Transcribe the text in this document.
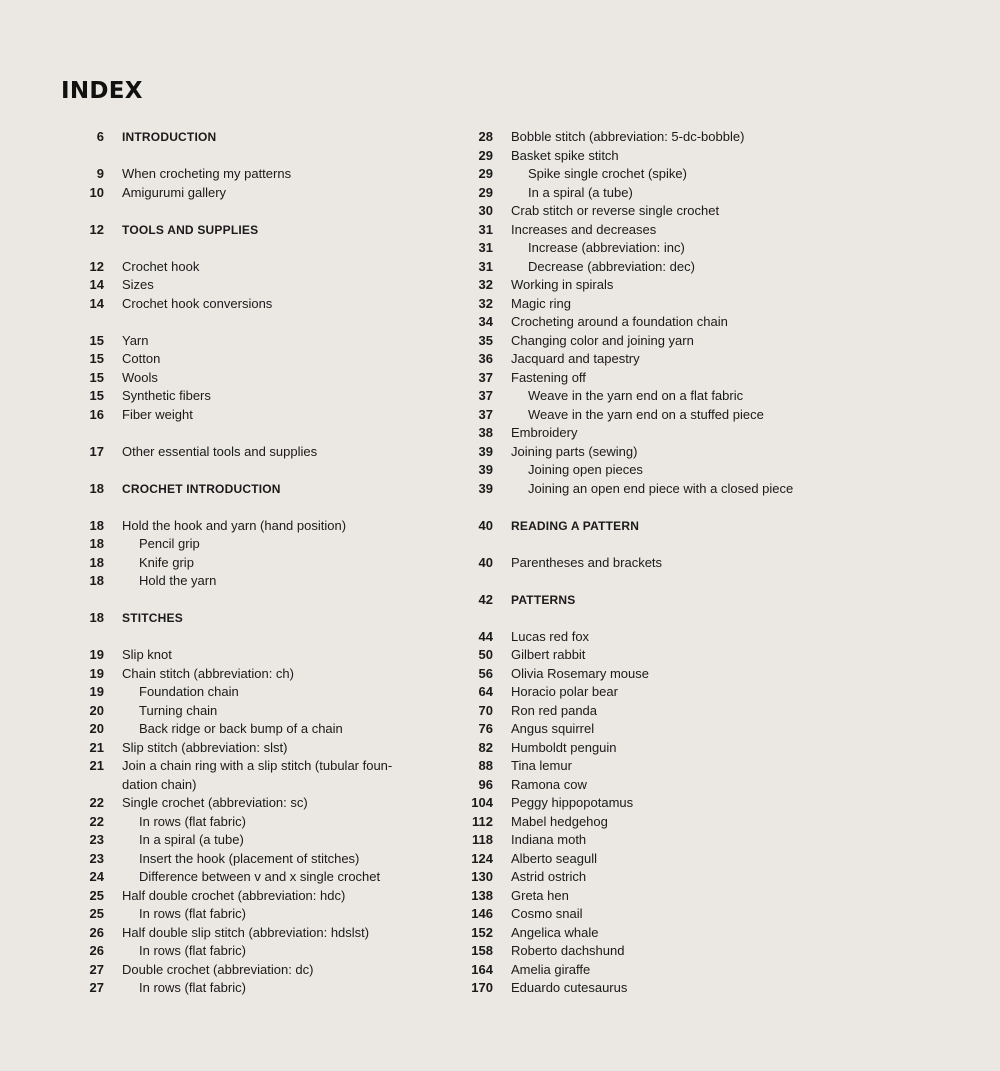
INDEX
6	INTRODUCTION
9	When crocheting my patterns
10	Amigurumi gallery
12	TOOLS AND SUPPLIES
12	Crochet hook
14	Sizes
14	Crochet hook conversions
15	Yarn
15	Cotton
15	Wools
15	Synthetic fibers
16	Fiber weight
17	Other essential tools and supplies
18	CROCHET INTRODUCTION
18	Hold the hook and yarn (hand position)
18	Pencil grip
18	Knife grip
18	Hold the yarn
18	STITCHES
19	Slip knot
19	Chain stitch (abbreviation: ch)
19	Foundation chain
20	Turning chain
20	Back ridge or back bump of a chain
21	Slip stitch (abbreviation: slst)
21	Join a chain ring with a slip stitch (tubular foun-dation chain)
22	Single crochet (abbreviation: sc)
22	In rows (flat fabric)
23	In a spiral (a tube)
23	Insert the hook (placement of stitches)
24	Difference between v and x single crochet
25	Half double crochet (abbreviation: hdc)
25	In rows (flat fabric)
26	Half double slip stitch (abbreviation: hdslst)
26	In rows (flat fabric)
27	Double crochet (abbreviation: dc)
27	In rows (flat fabric)
28	Bobble stitch (abbreviation: 5-dc-bobble)
29	Basket spike stitch
29	Spike single crochet (spike)
29	In a spiral (a tube)
30	Crab stitch or reverse single crochet
31	Increases and decreases
31	Increase (abbreviation: inc)
31	Decrease (abbreviation: dec)
32	Working in spirals
32	Magic ring
34	Crocheting around a foundation chain
35	Changing color and joining yarn
36	Jacquard and tapestry
37	Fastening off
37	Weave in the yarn end on a flat fabric
37	Weave in the yarn end on a stuffed piece
38	Embroidery
39	Joining parts (sewing)
39	Joining open pieces
39	Joining an open end piece with a closed piece
40	READING A PATTERN
40	Parentheses and brackets
42	PATTERNS
44	Lucas red fox
50	Gilbert rabbit
56	Olivia Rosemary mouse
64	Horacio polar bear
70	Ron red panda
76	Angus squirrel
82	Humboldt penguin
88	Tina lemur
96	Ramona cow
104	Peggy hippopotamus
112	Mabel hedgehog
118	Indiana moth
124	Alberto seagull
130	Astrid ostrich
138	Greta hen
146	Cosmo snail
152	Angelica whale
158	Roberto dachshund
164	Amelia giraffe
170	Eduardo cutesaurus
